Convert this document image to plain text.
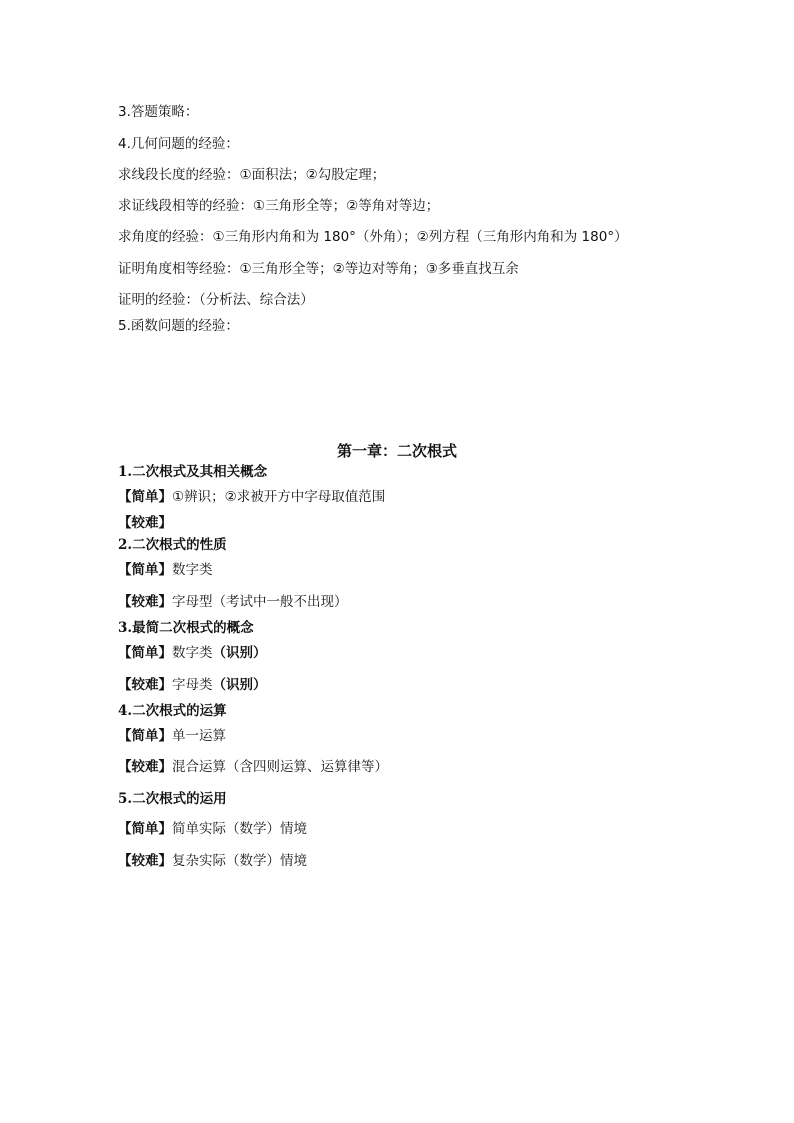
3.答题策略：
4.几何问题的经验：
求线段长度的经验：①面积法；②勾股定理；
求证线段相等的经验：①三角形全等；②等角对等边；
求角度的经验：①三角形内角和为 180°（外角）；②列方程（三角形内角和为 180°）
证明角度相等经验：①三角形全等；②等边对等角；③多垂直找互余
证明的经验：（分析法、综合法）
5.函数问题的经验：
第一章：二次根式
1.二次根式及其相关概念
【简单】①辨识；②求被开方中字母取值范围
【较难】
2.二次根式的性质
【简单】数字类
【较难】字母型（考试中一般不出现）
3.最简二次根式的概念
【简单】数字类（识别）
【较难】字母类（识别）
4.二次根式的运算
【简单】单一运算
【较难】混合运算（含四则运算、运算律等）
5.二次根式的运用
【简单】简单实际（数学）情境
【较难】复杂实际（数学）情境
